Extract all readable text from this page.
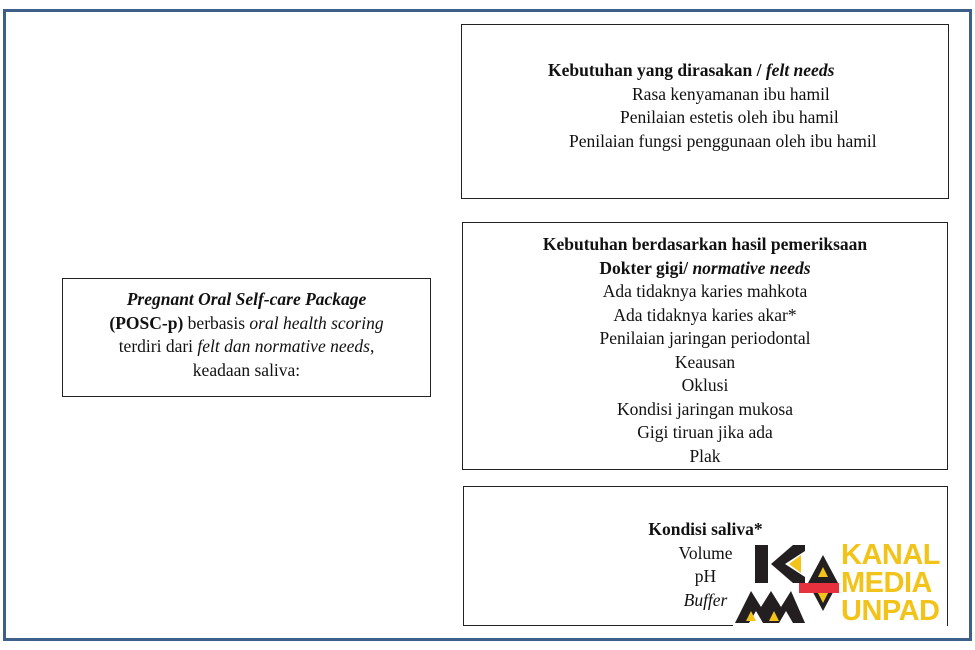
Pregnant Oral Self-care Package
(POSC-p) berbasis oral health scoring
terdiri dari felt dan normative needs,
keadaan saliva:
Kebutuhan yang dirasakan / felt needs
Rasa kenyamanan ibu hamil
Penilaian estetis oleh ibu hamil
Penilaian fungsi penggunaan oleh ibu hamil
Kebutuhan berdasarkan hasil pemeriksaan
Dokter gigi/ normative needs
Ada tidaknya karies mahkota
Ada tidaknya karies akar*
Penilaian jaringan periodontal
Keausan
Oklusi
Kondisi jaringan mukosa
Gigi tiruan jika ada
Plak
Kondisi saliva*
Volume
pH
Buffer
KANAL
MEDIA
UNPAD
